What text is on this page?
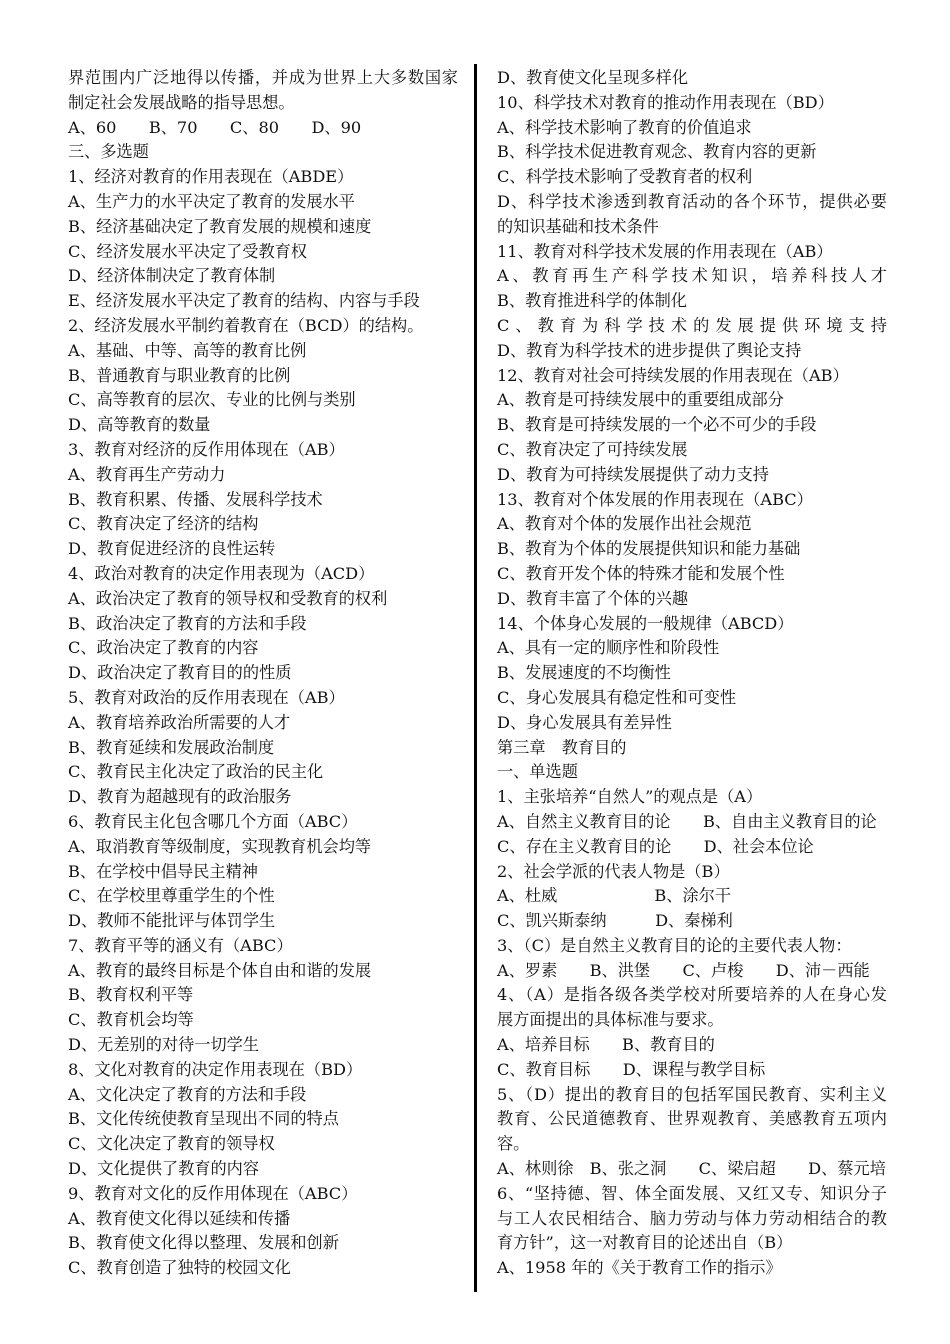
界范围内广泛地得以传播，并成为世界上大多数国家
制定社会发展战略的指导思想。
A、60　　B、70　　C、80　　D、90
三、多选题
1、经济对教育的作用表现在（ABDE）
A、生产力的水平决定了教育的发展水平
B、经济基础决定了教育发展的规模和速度
C、经济发展水平决定了受教育权
D、经济体制决定了教育体制
E、经济发展水平决定了教育的结构、内容与手段
2、经济发展水平制约着教育在（BCD）的结构。
A、基础、中等、高等的教育比例
B、普通教育与职业教育的比例
C、高等教育的层次、专业的比例与类别
D、高等教育的数量
3、教育对经济的反作用体现在（AB）
A、教育再生产劳动力
B、教育积累、传播、发展科学技术
C、教育决定了经济的结构
D、教育促进经济的良性运转
4、政治对教育的决定作用表现为（ACD）
A、政治决定了教育的领导权和受教育的权利
B、政治决定了教育的方法和手段
C、政治决定了教育的内容
D、政治决定了教育目的的性质
5、教育对政治的反作用表现在（AB）
A、教育培养政治所需要的人才
B、教育延续和发展政治制度
C、教育民主化决定了政治的民主化
D、教育为超越现有的政治服务
6、教育民主化包含哪几个方面（ABC）
A、取消教育等级制度，实现教育机会均等
B、在学校中倡导民主精神
C、在学校里尊重学生的个性
D、教师不能批评与体罚学生
7、教育平等的涵义有（ABC）
A、教育的最终目标是个体自由和谐的发展
B、教育权利平等
C、教育机会均等
D、无差别的对待一切学生
8、文化对教育的决定作用表现在（BD）
A、文化决定了教育的方法和手段
B、文化传统使教育呈现出不同的特点
C、文化决定了教育的领导权
D、文化提供了教育的内容
9、教育对文化的反作用体现在（ABC）
A、教育使文化得以延续和传播
B、教育使文化得以整理、发展和创新
C、教育创造了独特的校园文化
D、教育使文化呈现多样化
10、科学技术对教育的推动作用表现在（BD）
A、科学技术影响了教育的价值追求
B、科学技术促进教育观念、教育内容的更新
C、科学技术影响了受教育者的权利
D、科学技术渗透到教育活动的各个环节，提供必要
的知识基础和技术条件
11、教育对科学技术发展的作用表现在（AB）
A、教育再生产科学技术知识，培养科技人才
B、教育推进科学的体制化
C、教育为科学技术的发展提供环境支持
D、教育为科学技术的进步提供了舆论支持
12、教育对社会可持续发展的作用表现在（AB）
A、教育是可持续发展中的重要组成部分
B、教育是可持续发展的一个必不可少的手段
C、教育决定了可持续发展
D、教育为可持续发展提供了动力支持
13、教育对个体发展的作用表现在（ABC）
A、教育对个体的发展作出社会规范
B、教育为个体的发展提供知识和能力基础
C、教育开发个体的特殊才能和发展个性
D、教育丰富了个体的兴趣
14、个体身心发展的一般规律（ABCD）
A、具有一定的顺序性和阶段性
B、发展速度的不均衡性
C、身心发展具有稳定性和可变性
D、身心发展具有差异性
第三章　教育目的
一、单选题
1、主张培养“自然人”的观点是（A）
A、自然主义教育目的论　　B、自由主义教育目的论
C、存在主义教育目的论　　D、社会本位论
2、社会学派的代表人物是（B）
A、杜威　　　　　　B、涂尔干
C、凯兴斯泰纳　　　D、秦梯利
3、（C）是自然主义教育目的论的主要代表人物：
A、罗素　　B、洪堡　　C、卢梭　　D、沛－西能
4、（A）是指各级各类学校对所要培养的人在身心发
展方面提出的具体标准与要求。
A、培养目标　　B、教育目的
C、教育目标　　D、课程与教学目标
5、（D）提出的教育目的包括军国民教育、实利主义
教育、公民道德教育、世界观教育、美感教育五项内
容。
A、林则徐　B、张之洞　　C、梁启超　　D、蔡元培
6、“坚持德、智、体全面发展、又红又专、知识分子
与工人农民相结合、脑力劳动与体力劳动相结合的教
育方针”，这一对教育目的论述出自（B）
A、1958 年的《关于教育工作的指示》
